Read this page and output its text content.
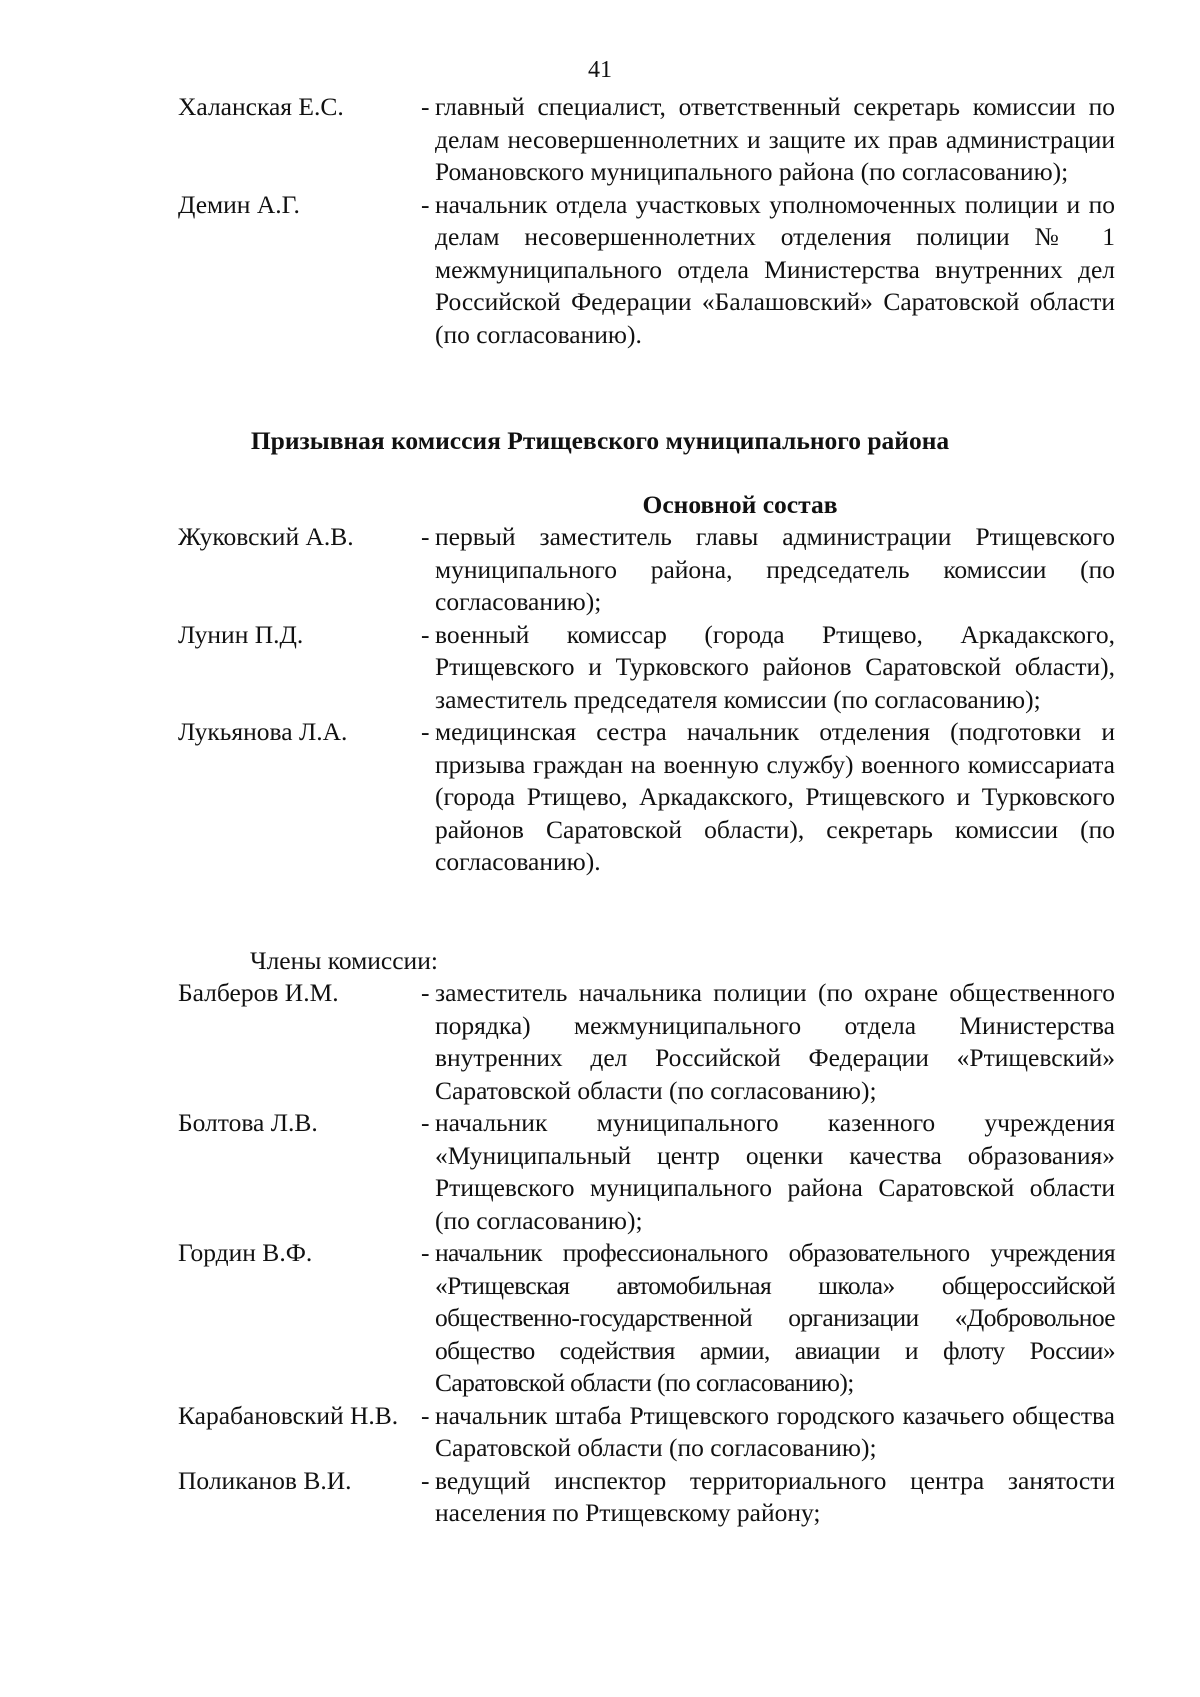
41
Халанская Е.С.	- главный специалист, ответственный секретарь комиссии по делам несовершеннолетних и защите их прав администрации Романовского муниципального района (по согласованию);
Демин А.Г.	- начальник отдела участковых уполномоченных полиции и по делам несовершеннолетних отделения полиции № 1 межмуниципального отдела Министерства внутренних дел Российской Федерации «Балашовский» Саратовской области (по согласованию).
Призывная комиссия Ртищевского муниципального района
Основной состав
Жуковский А.В.	- первый заместитель главы администрации Ртищевского муниципального района, председатель комиссии (по согласованию);
Лунин П.Д.	- военный комиссар (города Ртищево, Аркадакского, Ртищевского и Турковского районов Саратовской области), заместитель председателя комиссии (по согласованию);
Лукьянова Л.А.	- медицинская сестра начальник отделения (подготовки и призыва граждан на военную службу) военного комиссариата (города Ртищево, Аркадакского, Ртищевского и Турковского районов Саратовской области), секретарь комиссии (по согласованию).
Члены комиссии:
Балберов И.М.	- заместитель начальника полиции (по охране общественного порядка) межмуниципального отдела Министерства внутренних дел Российской Федерации «Ртищевский» Саратовской области (по согласованию);
Болтова Л.В.	- начальник муниципального казенного учреждения «Муниципальный центр оценки качества образования» Ртищевского муниципального района Саратовской области (по согласованию);
Гордин В.Ф.	- начальник профессионального образовательного учреждения «Ртищевская автомобильная школа» общероссийской общественно-государственной организации «Добровольное общество содействия армии, авиации и флоту России» Саратовской области (по согласованию);
Карабановский Н.В. - начальник штаба Ртищевского городского казачьего общества Саратовской области (по согласованию);
Поликанов В.И.	- ведущий инспектор территориального центра занятости населения по Ртищевскому району;
